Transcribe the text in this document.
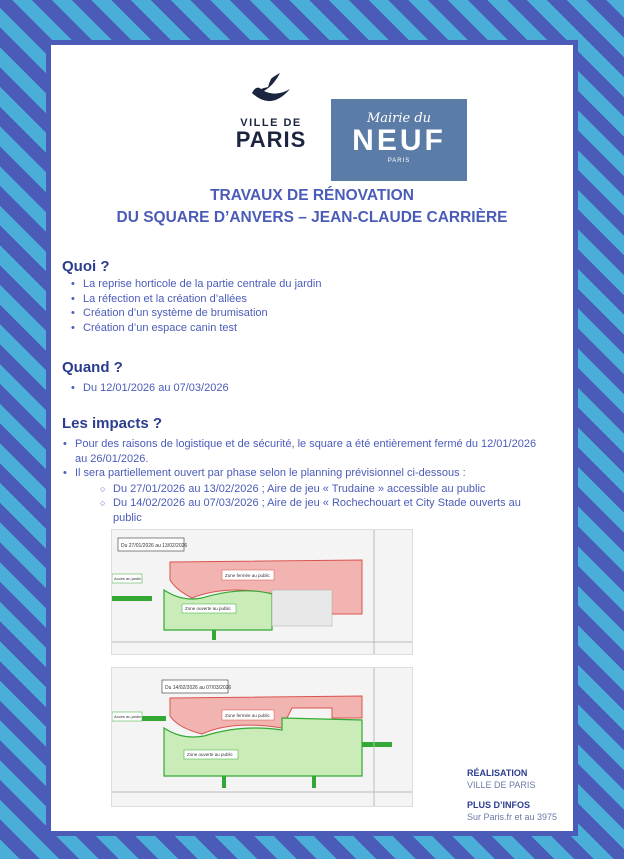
VILLE DE
PARIS
Mairie du
NEUF
PARIS
TRAVAUX DE RÉNOVATION
DU SQUARE D’ANVERS – JEAN-CLAUDE CARRIÈRE
Quoi ?
• La reprise horticole de la partie centrale du jardin
• La réfection et la création d’allées
• Création d’un système de brumisation
• Création d’un espace canin test
Quand ?
• Du 12/01/2026 au 07/03/2026
Les impacts ?
• Pour des raisons de logistique et de sécurité, le square a été entièrement fermé du 12/01/2026 au 26/01/2026.
• Il sera partiellement ouvert par phase selon le planning prévisionnel ci-dessous :
○ Du 27/01/2026 au 13/02/2026 ; Aire de jeu « Trudaine » accessible au public
○ Du 14/02/2026 au 07/03/2026 ; Aire de jeu « Rochechouart et City Stade ouverts au public
Du 27/01/2026 au 13/02/2026
Zone fermée au public
Zone ouverte au public
Accès au jardin
Du 14/02/2026 au 07/03/2026
Zone fermée au public
Zone ouverte au public
Accès au jardin
RÉALISATION
VILLE DE PARIS
PLUS D’INFOS
Sur Paris.fr et au 3975
